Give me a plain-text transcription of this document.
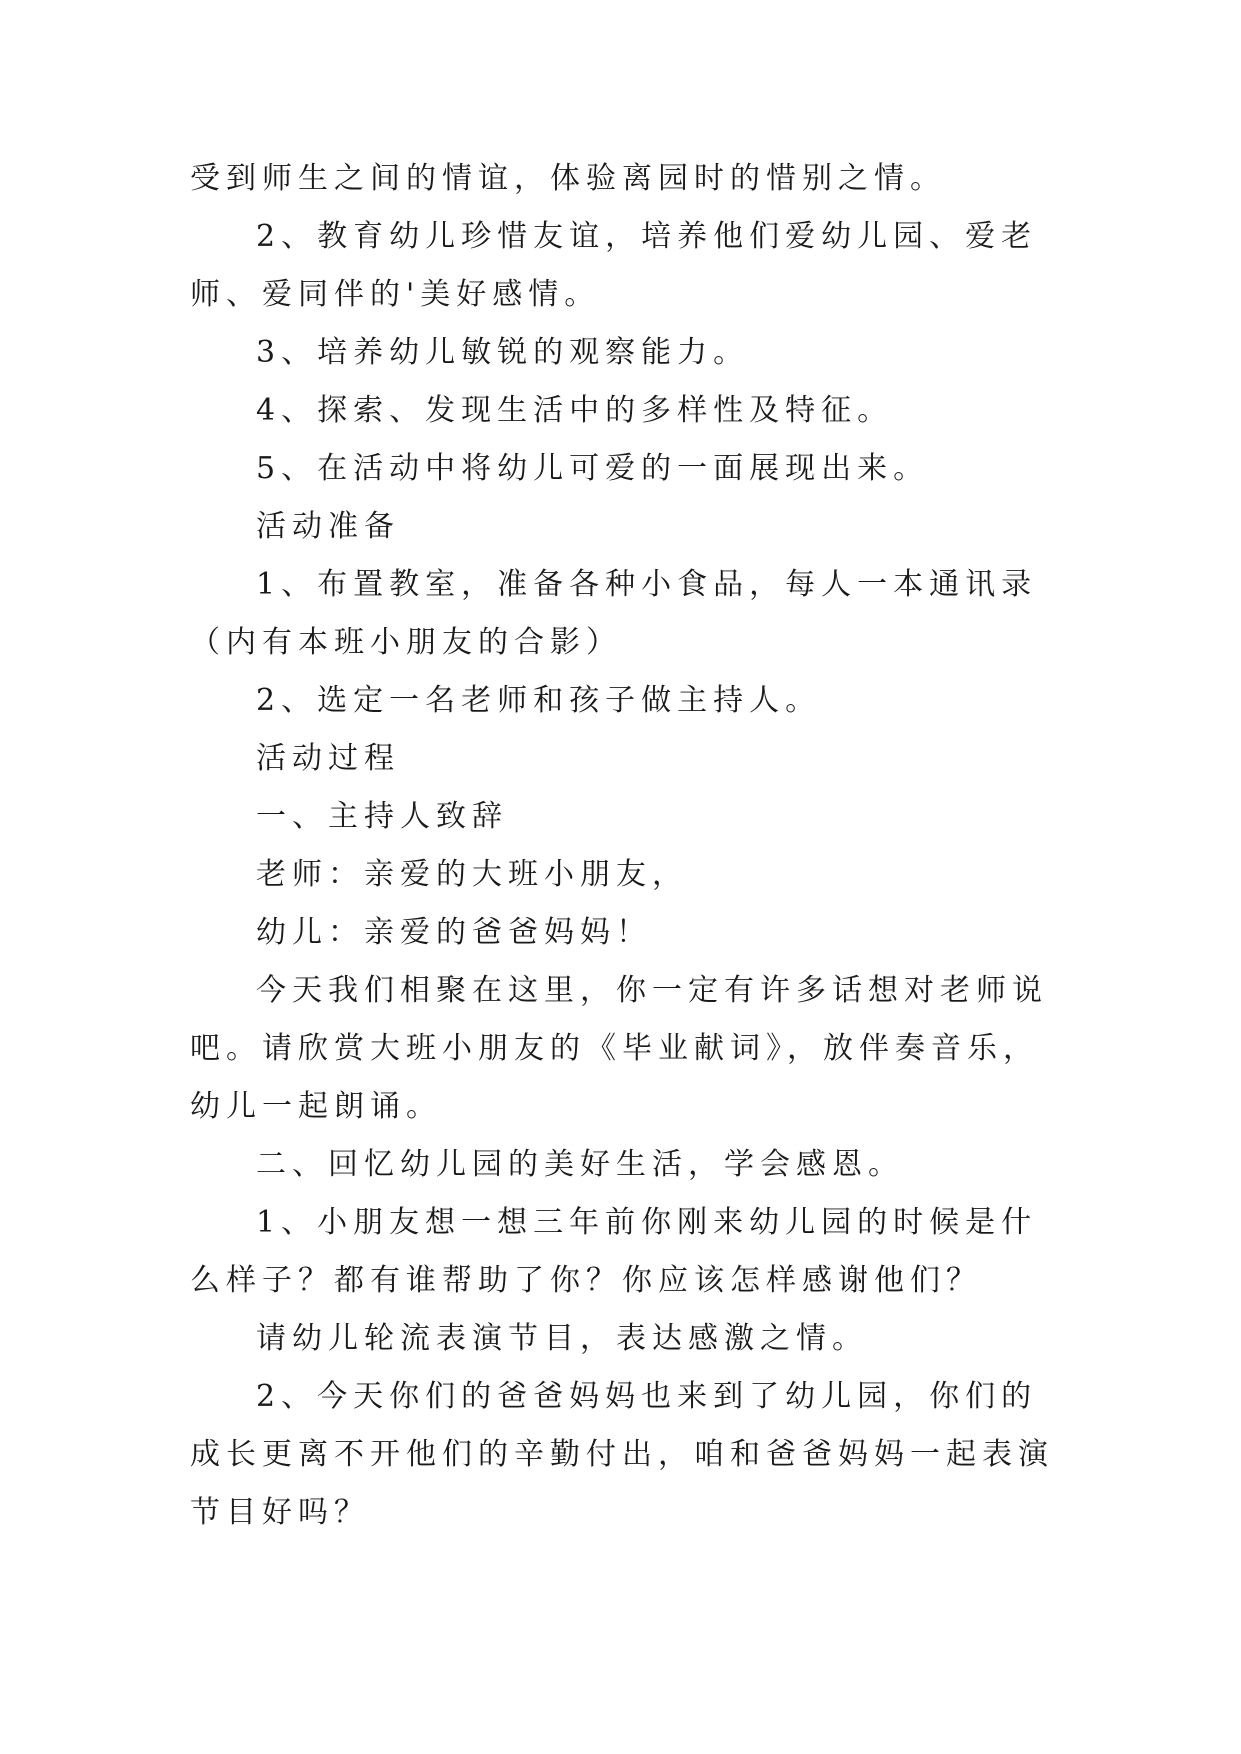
受到师生之间的情谊，体验离园时的惜别之情。

2、教育幼儿珍惜友谊，培养他们爱幼儿园、爱老师、爱同伴的'美好感情。

3、培养幼儿敏锐的观察能力。

4、探索、发现生活中的多样性及特征。

5、在活动中将幼儿可爱的一面展现出来。

活动准备

1、布置教室，准备各种小食品，每人一本通讯录（内有本班小朋友的合影）

2、选定一名老师和孩子做主持人。

活动过程

一、主持人致辞

老师：亲爱的大班小朋友，

幼儿：亲爱的爸爸妈妈！

今天我们相聚在这里，你一定有许多话想对老师说吧。请欣赏大班小朋友的《毕业献词》，放伴奏音乐，幼儿一起朗诵。

二、回忆幼儿园的美好生活，学会感恩。

1、小朋友想一想三年前你刚来幼儿园的时候是什么样子？都有谁帮助了你？你应该怎样感谢他们？

请幼儿轮流表演节目，表达感激之情。

2、今天你们的爸爸妈妈也来到了幼儿园，你们的成长更离不开他们的辛勤付出，咱和爸爸妈妈一起表演节目好吗？
